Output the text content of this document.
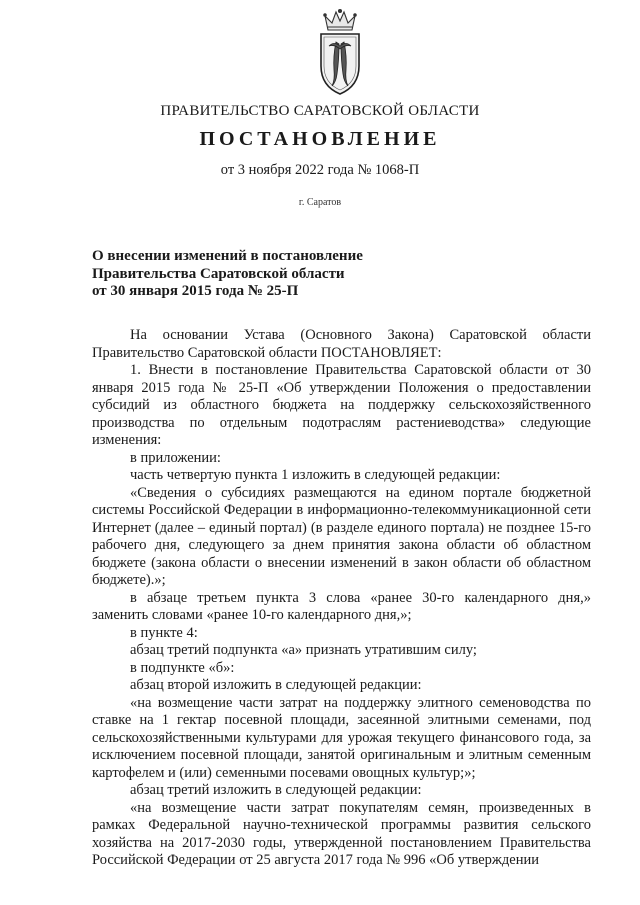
ПРАВИТЕЛЬСТВО САРАТОВСКОЙ ОБЛАСТИ
ПОСТАНОВЛЕНИЕ
от 3 ноября 2022 года № 1068-П
г. Саратов
О внесении изменений в постановление
Правительства Саратовской области
от 30 января 2015 года № 25-П

На основании Устава (Основного Закона) Саратовской области Правительство Саратовской области ПОСТАНОВЛЯЕТ:

1. Внести в постановление Правительства Саратовской области от 30 января 2015 года № 25-П «Об утверждении Положения о предоставлении субсидий из областного бюджета на поддержку сельскохозяйственного производства по отдельным подотраслям растениеводства» следующие изменения:

в приложении:

часть четвертую пункта 1 изложить в следующей редакции:

«Сведения о субсидиях размещаются на едином портале бюджетной системы Российской Федерации в информационно-телекоммуникационной сети Интернет (далее – единый портал) (в разделе единого портала) не позднее 15-го рабочего дня, следующего за днем принятия закона области об областном бюджете (закона области о внесении изменений в закон области об областном бюджете).»;

в абзаце третьем пункта 3 слова «ранее 30-го календарного дня,» заменить словами «ранее 10-го календарного дня,»;

в пункте 4:

абзац третий подпункта «а» признать утратившим силу;

в подпункте «б»:

абзац второй изложить в следующей редакции:

«на возмещение части затрат на поддержку элитного семеноводства по ставке на 1 гектар посевной площади, засеянной элитными семенами, под сельскохозяйственными культурами для урожая текущего финансового года, за исключением посевной площади, занятой оригинальным и элитным семенным картофелем и (или) семенными посевами овощных культур;»;

абзац третий изложить в следующей редакции:

«на возмещение части затрат покупателям семян, произведенных в рамках Федеральной научно-технической программы развития сельского хозяйства на 2017-2030 годы, утвержденной постановлением Правительства Российской Федерации от 25 августа 2017 года № 996 «Об утверждении
